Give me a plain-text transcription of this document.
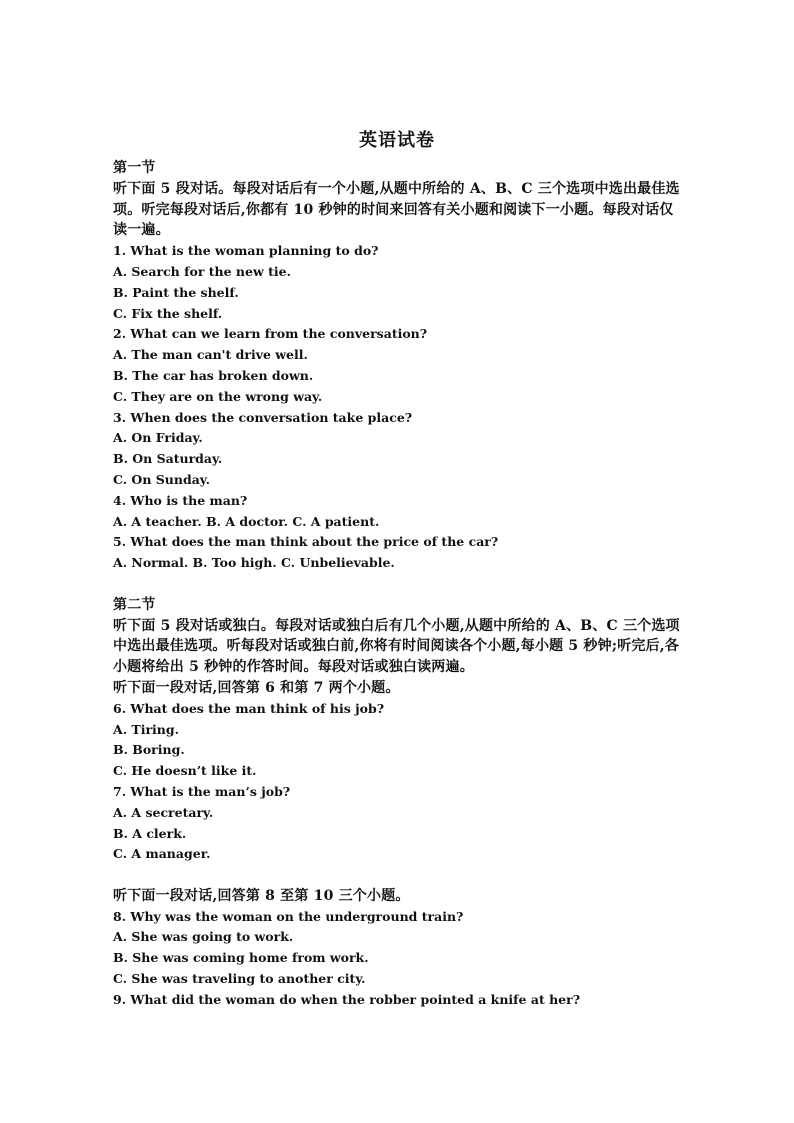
英语试卷
第一节
听下面 5 段对话。每段对话后有一个小题,从题中所给的 A、B、C 三个选项中选出最佳选项。听完每段对话后,你都有 10 秒钟的时间来回答有关小题和阅读下一小题。每段对话仅读一遍。
1. What is the woman planning to do?
A. Search for the new tie.
B. Paint the shelf.
C. Fix the shelf.
2. What can we learn from the conversation?
A. The man can't drive well.
B. The car has broken down.
C. They are on the wrong way.
3. When does the conversation take place?
A. On Friday.
B. On Saturday.
C. On Sunday.
4. Who is the man?
A. A teacher. B. A doctor. C. A patient.
5. What does the man think about the price of the car?
A. Normal. B. Too high. C. Unbelievable.
第二节
听下面 5 段对话或独白。每段对话或独白后有几个小题,从题中所给的 A、B、C 三个选项中选出最佳选项。听每段对话或独白前,你将有时间阅读各个小题,每小题 5 秒钟;听完后,各小题将给出 5 秒钟的作答时间。每段对话或独白读两遍。
听下面一段对话,回答第 6 和第 7 两个小题。
6. What does the man think of his job?
A. Tiring.
B. Boring.
C. He doesn’t like it.
7. What is the man’s job?
A. A secretary.
B. A clerk.
C. A manager.
听下面一段对话,回答第 8 至第 10 三个小题。
8. Why was the woman on the underground train?
A. She was going to work.
B. She was coming home from work.
C. She was traveling to another city.
9. What did the woman do when the robber pointed a knife at her?
